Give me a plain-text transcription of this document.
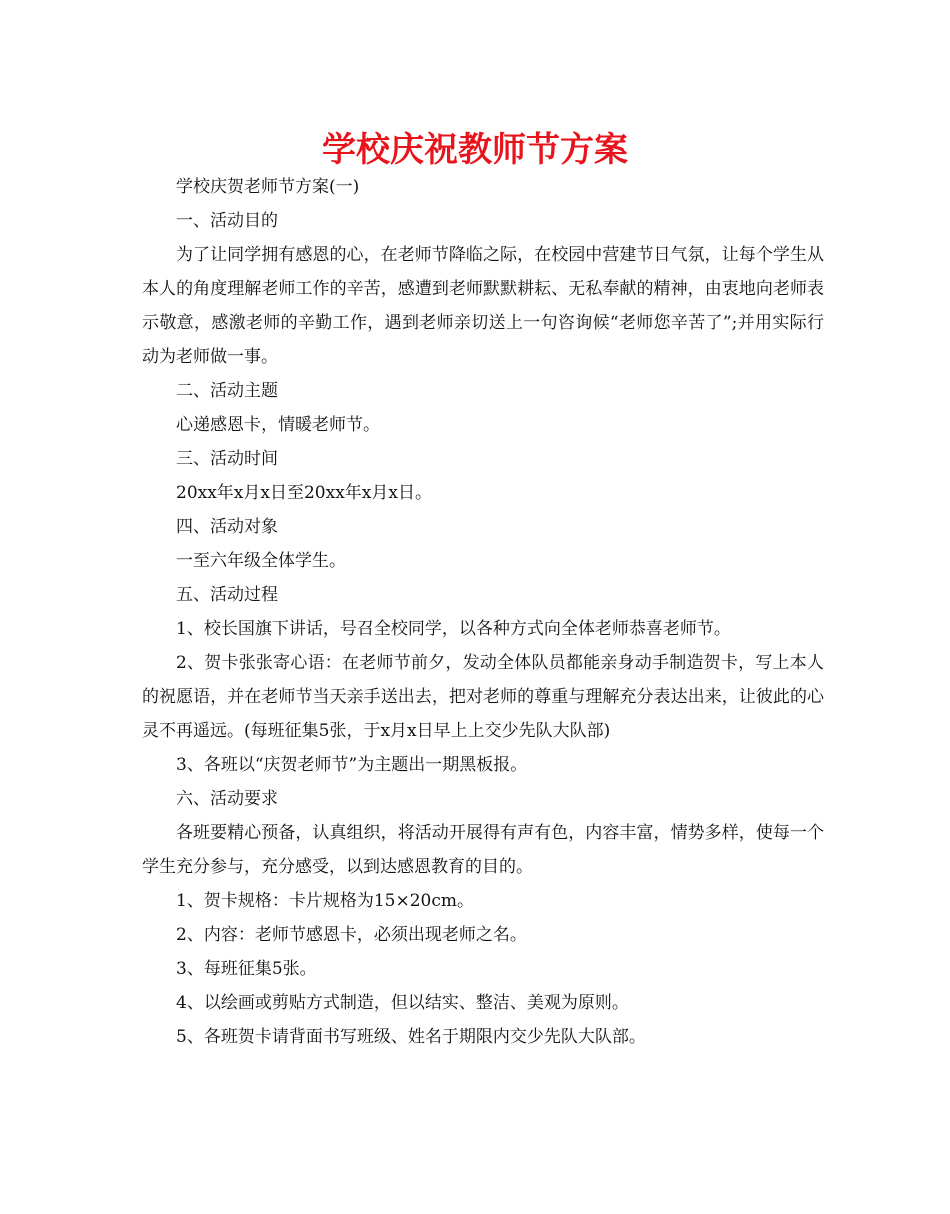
学校庆祝教师节方案

学校庆贺老师节方案(一)

一、活动目的

为了让同学拥有感恩的心，在老师节降临之际，在校园中营建节日气氛，让每个学生从本人的角度理解老师工作的辛苦，感遭到老师默默耕耘、无私奉献的精神，由衷地向老师表示敬意，感激老师的辛勤工作，遇到老师亲切送上一句咨询候“老师您辛苦了”;并用实际行动为老师做一事。

二、活动主题

心递感恩卡，情暖老师节。

三、活动时间

20xx年x月x日至20xx年x月x日。

四、活动对象

一至六年级全体学生。

五、活动过程

1、校长国旗下讲话，号召全校同学，以各种方式向全体老师恭喜老师节。

2、贺卡张张寄心语：在老师节前夕，发动全体队员都能亲身动手制造贺卡，写上本人的祝愿语，并在老师节当天亲手送出去，把对老师的尊重与理解充分表达出来，让彼此的心灵不再遥远。(每班征集5张，于x月x日早上上交少先队大队部)

3、各班以“庆贺老师节”为主题出一期黑板报。

六、活动要求

各班要精心预备，认真组织，将活动开展得有声有色，内容丰富，情势多样，使每一个学生充分参与，充分感受，以到达感恩教育的目的。

1、贺卡规格：卡片规格为15×20cm。

2、内容：老师节感恩卡，必须出现老师之名。

3、每班征集5张。

4、以绘画或剪贴方式制造，但以结实、整洁、美观为原则。

5、各班贺卡请背面书写班级、姓名于期限内交少先队大队部。
